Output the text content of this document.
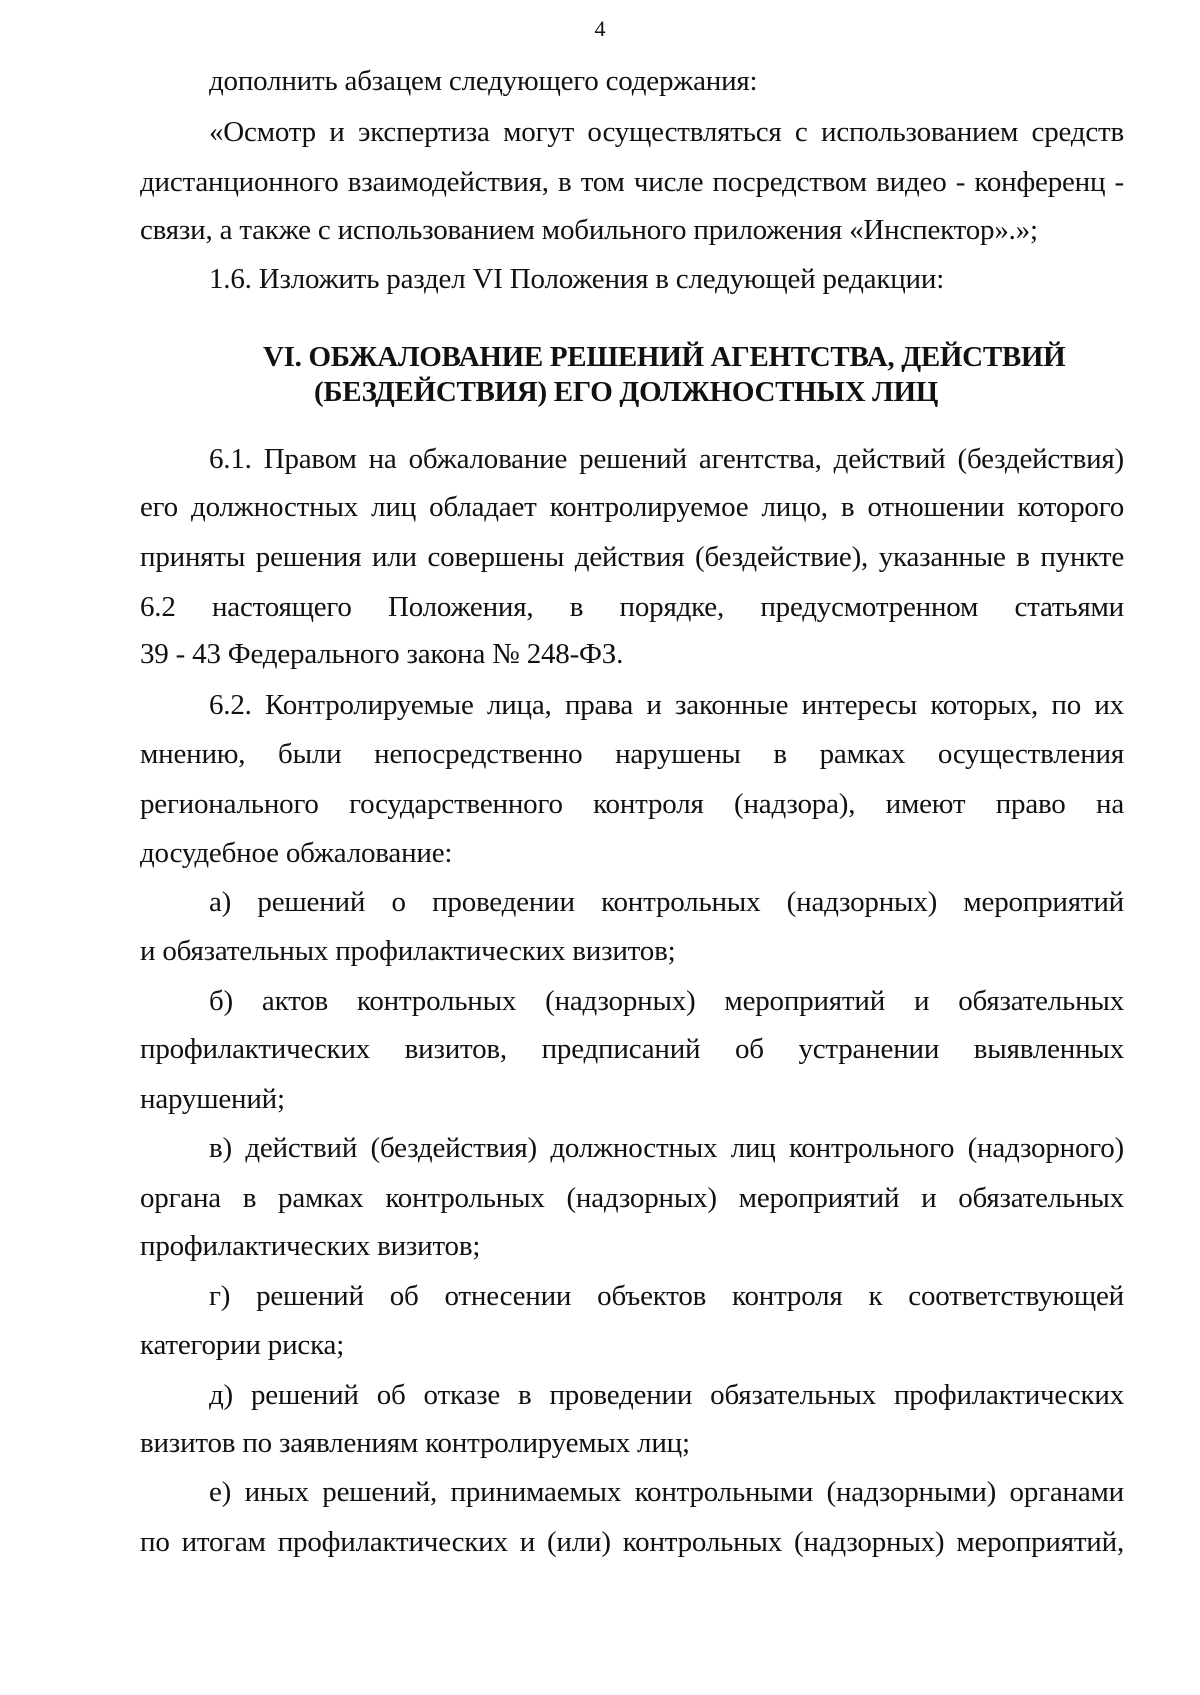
4
дополнить абзацем следующего содержания:
«Осмотр и экспертиза могут осуществляться с использованием средств
дистанционного взаимодействия, в том числе посредством видео - конференц -
связи, а также с использованием мобильного приложения «Инспектор».»;
1.6. Изложить раздел VI Положения в следующей редакции:
VI. ОБЖАЛОВАНИЕ РЕШЕНИЙ АГЕНТСТВА, ДЕЙСТВИЙ
(БЕЗДЕЙСТВИЯ) ЕГО ДОЛЖНОСТНЫХ ЛИЦ
6.1. Правом на обжалование решений агентства, действий (бездействия)
его должностных лиц обладает контролируемое лицо, в отношении которого
приняты решения или совершены действия (бездействие), указанные в пункте
6.2 настоящего Положения, в порядке, предусмотренном статьями
39 - 43 Федерального закона № 248-ФЗ.
6.2. Контролируемые лица, права и законные интересы которых, по их
мнению, были непосредственно нарушены в рамках осуществления
регионального государственного контроля (надзора), имеют право на
досудебное обжалование:
а) решений о проведении контрольных (надзорных) мероприятий
и обязательных профилактических визитов;
б) актов контрольных (надзорных) мероприятий и обязательных
профилактических визитов, предписаний об устранении выявленных
нарушений;
в) действий (бездействия) должностных лиц контрольного (надзорного)
органа в рамках контрольных (надзорных) мероприятий и обязательных
профилактических визитов;
г) решений об отнесении объектов контроля к соответствующей
категории риска;
д) решений об отказе в проведении обязательных профилактических
визитов по заявлениям контролируемых лиц;
е) иных решений, принимаемых контрольными (надзорными) органами
по итогам профилактических и (или) контрольных (надзорных) мероприятий,
